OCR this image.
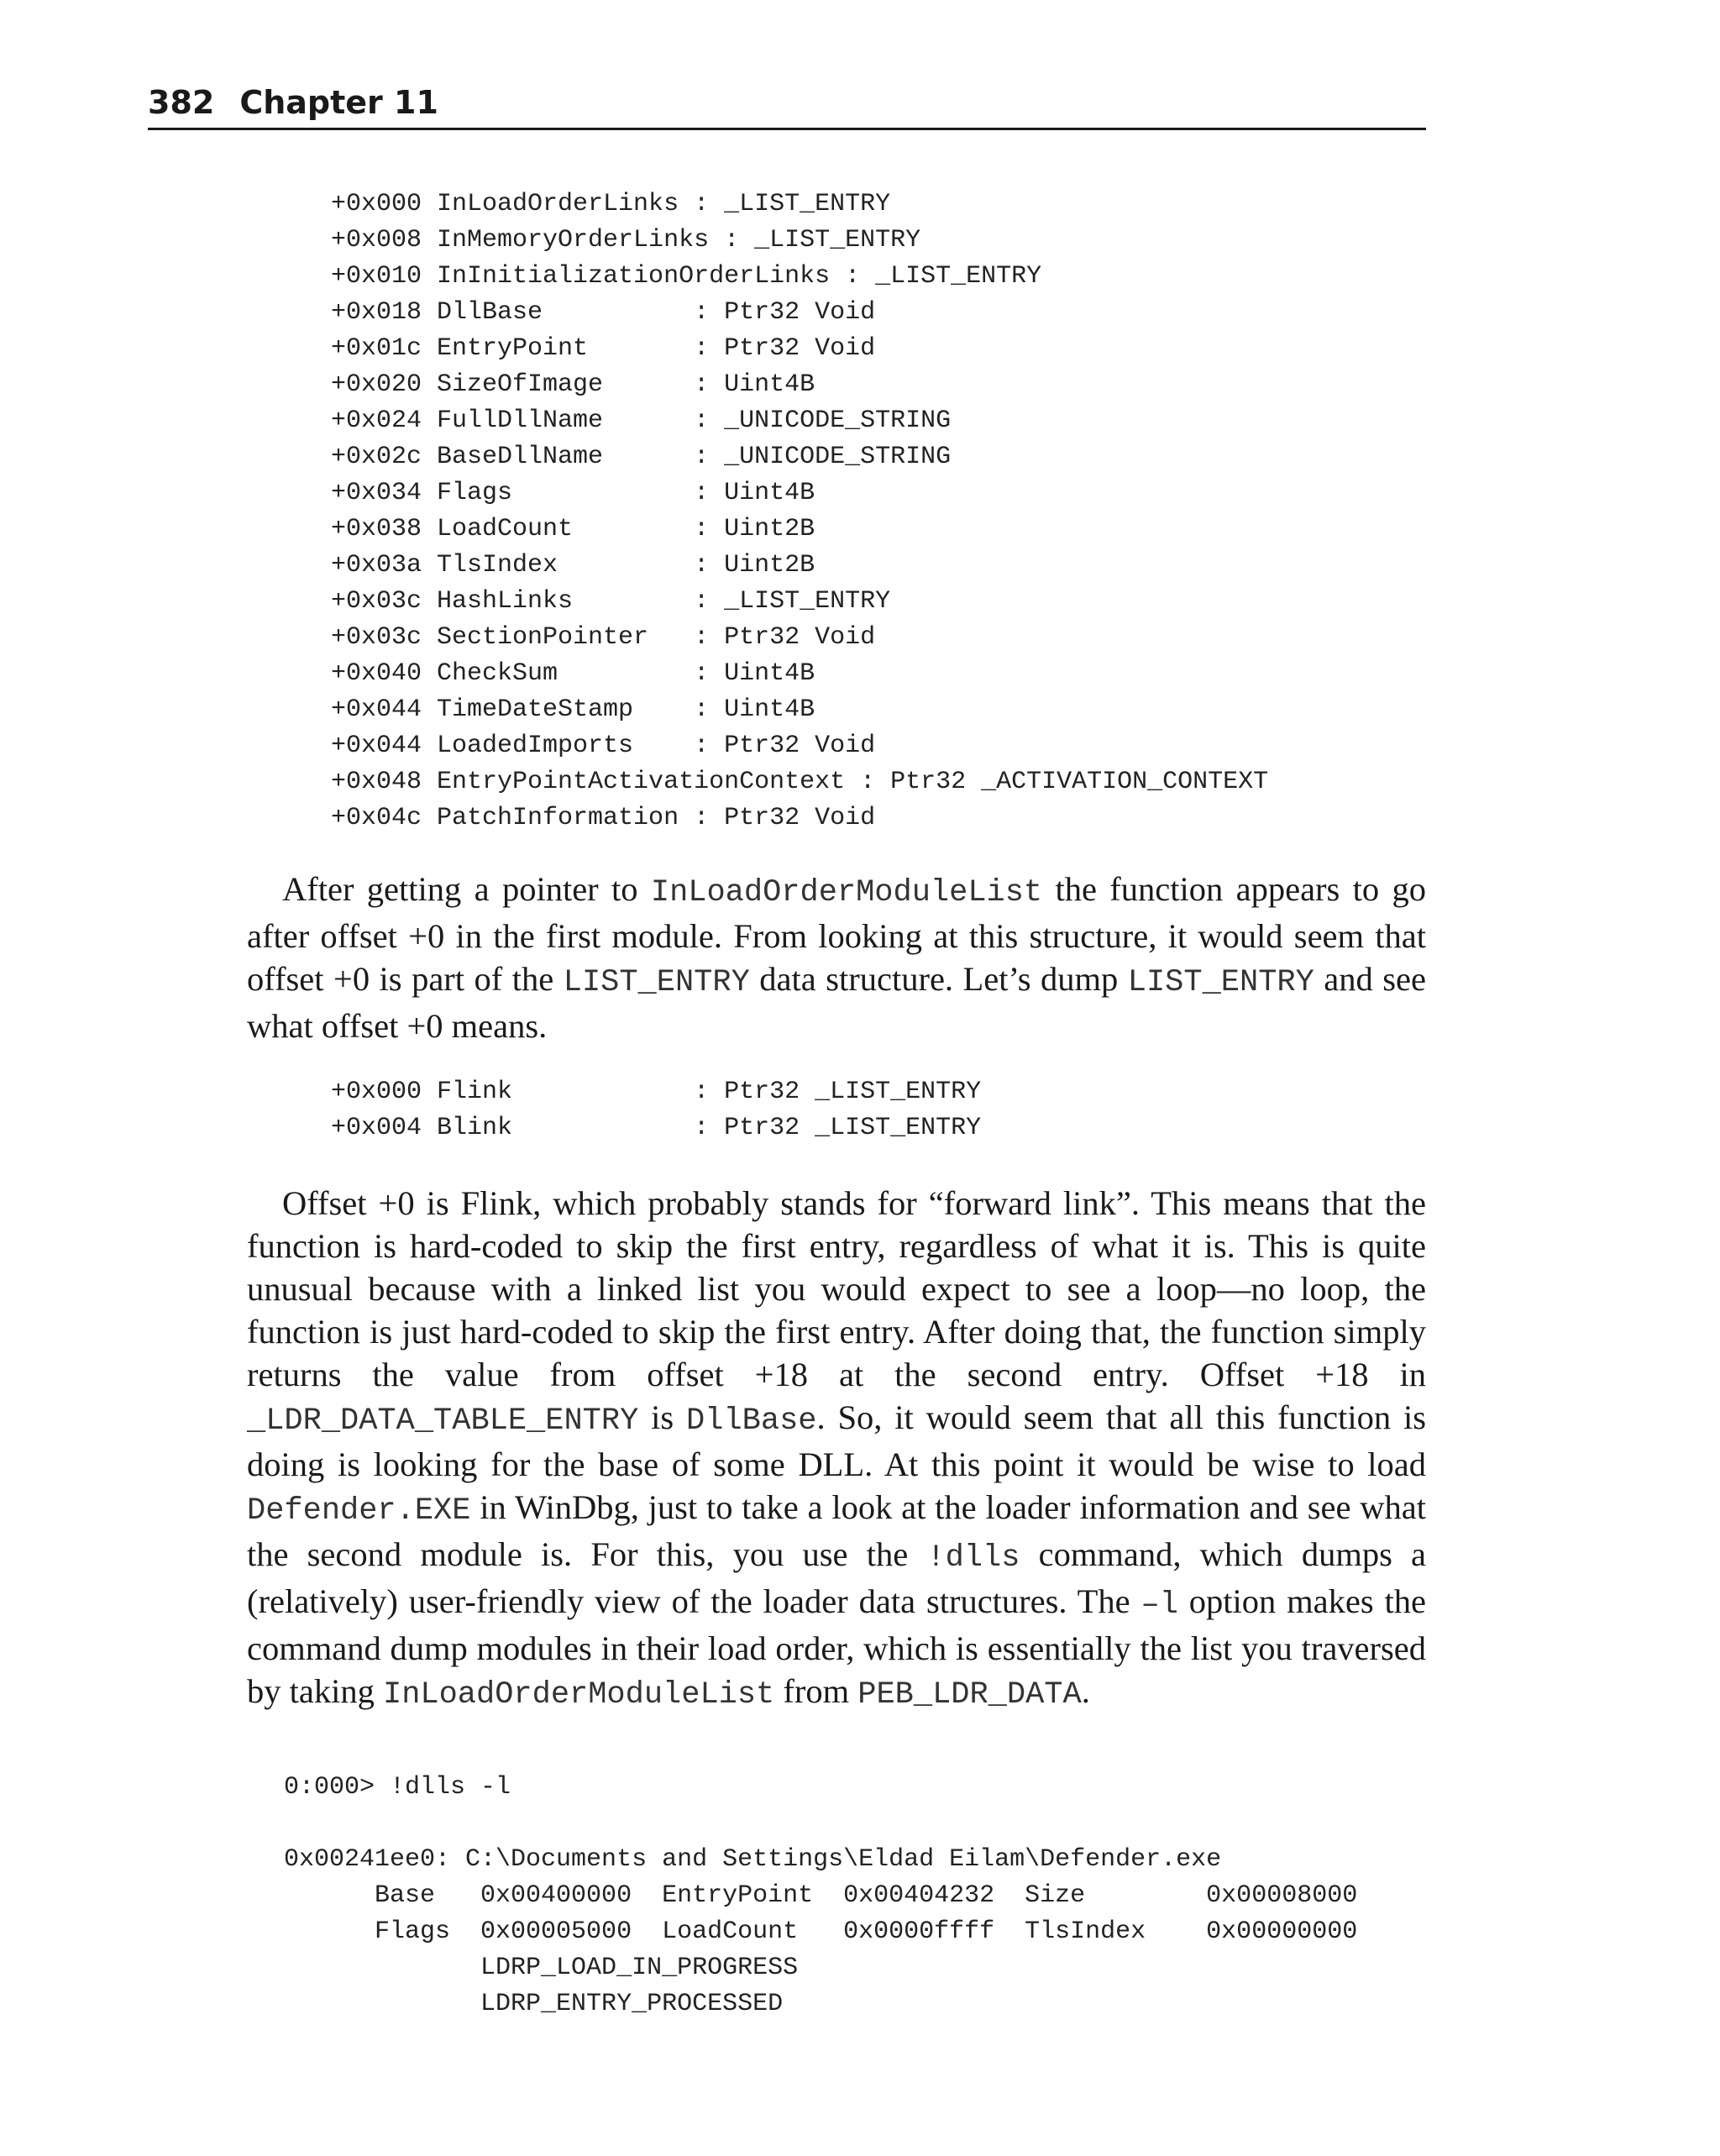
382 Chapter 11
+0x000 InLoadOrderLinks : _LIST_ENTRY
+0x008 InMemoryOrderLinks : _LIST_ENTRY
+0x010 InInitializationOrderLinks : _LIST_ENTRY
+0x018 DllBase          : Ptr32 Void
+0x01c EntryPoint       : Ptr32 Void
+0x020 SizeOfImage      : Uint4B
+0x024 FullDllName      : _UNICODE_STRING
+0x02c BaseDllName      : _UNICODE_STRING
+0x034 Flags            : Uint4B
+0x038 LoadCount        : Uint2B
+0x03a TlsIndex         : Uint2B
+0x03c HashLinks        : _LIST_ENTRY
+0x03c SectionPointer   : Ptr32 Void
+0x040 CheckSum         : Uint4B
+0x044 TimeDateStamp    : Uint4B
+0x044 LoadedImports    : Ptr32 Void
+0x048 EntryPointActivationContext : Ptr32 _ACTIVATION_CONTEXT
+0x04c PatchInformation : Ptr32 Void

After getting a pointer to InLoadOrderModuleList the function appears to go after offset +0 in the first module. From looking at this structure, it would seem that offset +0 is part of the LIST_ENTRY data structure. Let’s dump LIST_ENTRY and see what offset +0 means.

+0x000 Flink            : Ptr32 _LIST_ENTRY
+0x004 Blink            : Ptr32 _LIST_ENTRY

Offset +0 is Flink, which probably stands for “forward link”. This means that the function is hard-coded to skip the first entry, regardless of what it is. This is quite unusual because with a linked list you would expect to see a loop—no loop, the function is just hard-coded to skip the first entry. After doing that, the function simply returns the value from offset +18 at the second entry. Offset +18 in _LDR_DATA_TABLE_ENTRY is DllBase. So, it would seem that all this function is doing is looking for the base of some DLL. At this point it would be wise to load Defender.EXE in WinDbg, just to take a look at the loader information and see what the second module is. For this, you use the !dlls command, which dumps a (relatively) user-friendly view of the loader data structures. The –l option makes the command dump modules in their load order, which is essentially the list you traversed by taking InLoadOrderModuleList from PEB_LDR_DATA.

0:000> !dlls -l
0x00241ee0: C:\Documents and Settings\Eldad Eilam\Defender.exe
Base   0x00400000  EntryPoint  0x00404232  Size        0x00008000
Flags  0x00005000  LoadCount   0x0000ffff  TlsIndex    0x00000000
LDRP_LOAD_IN_PROGRESS
LDRP_ENTRY_PROCESSED
